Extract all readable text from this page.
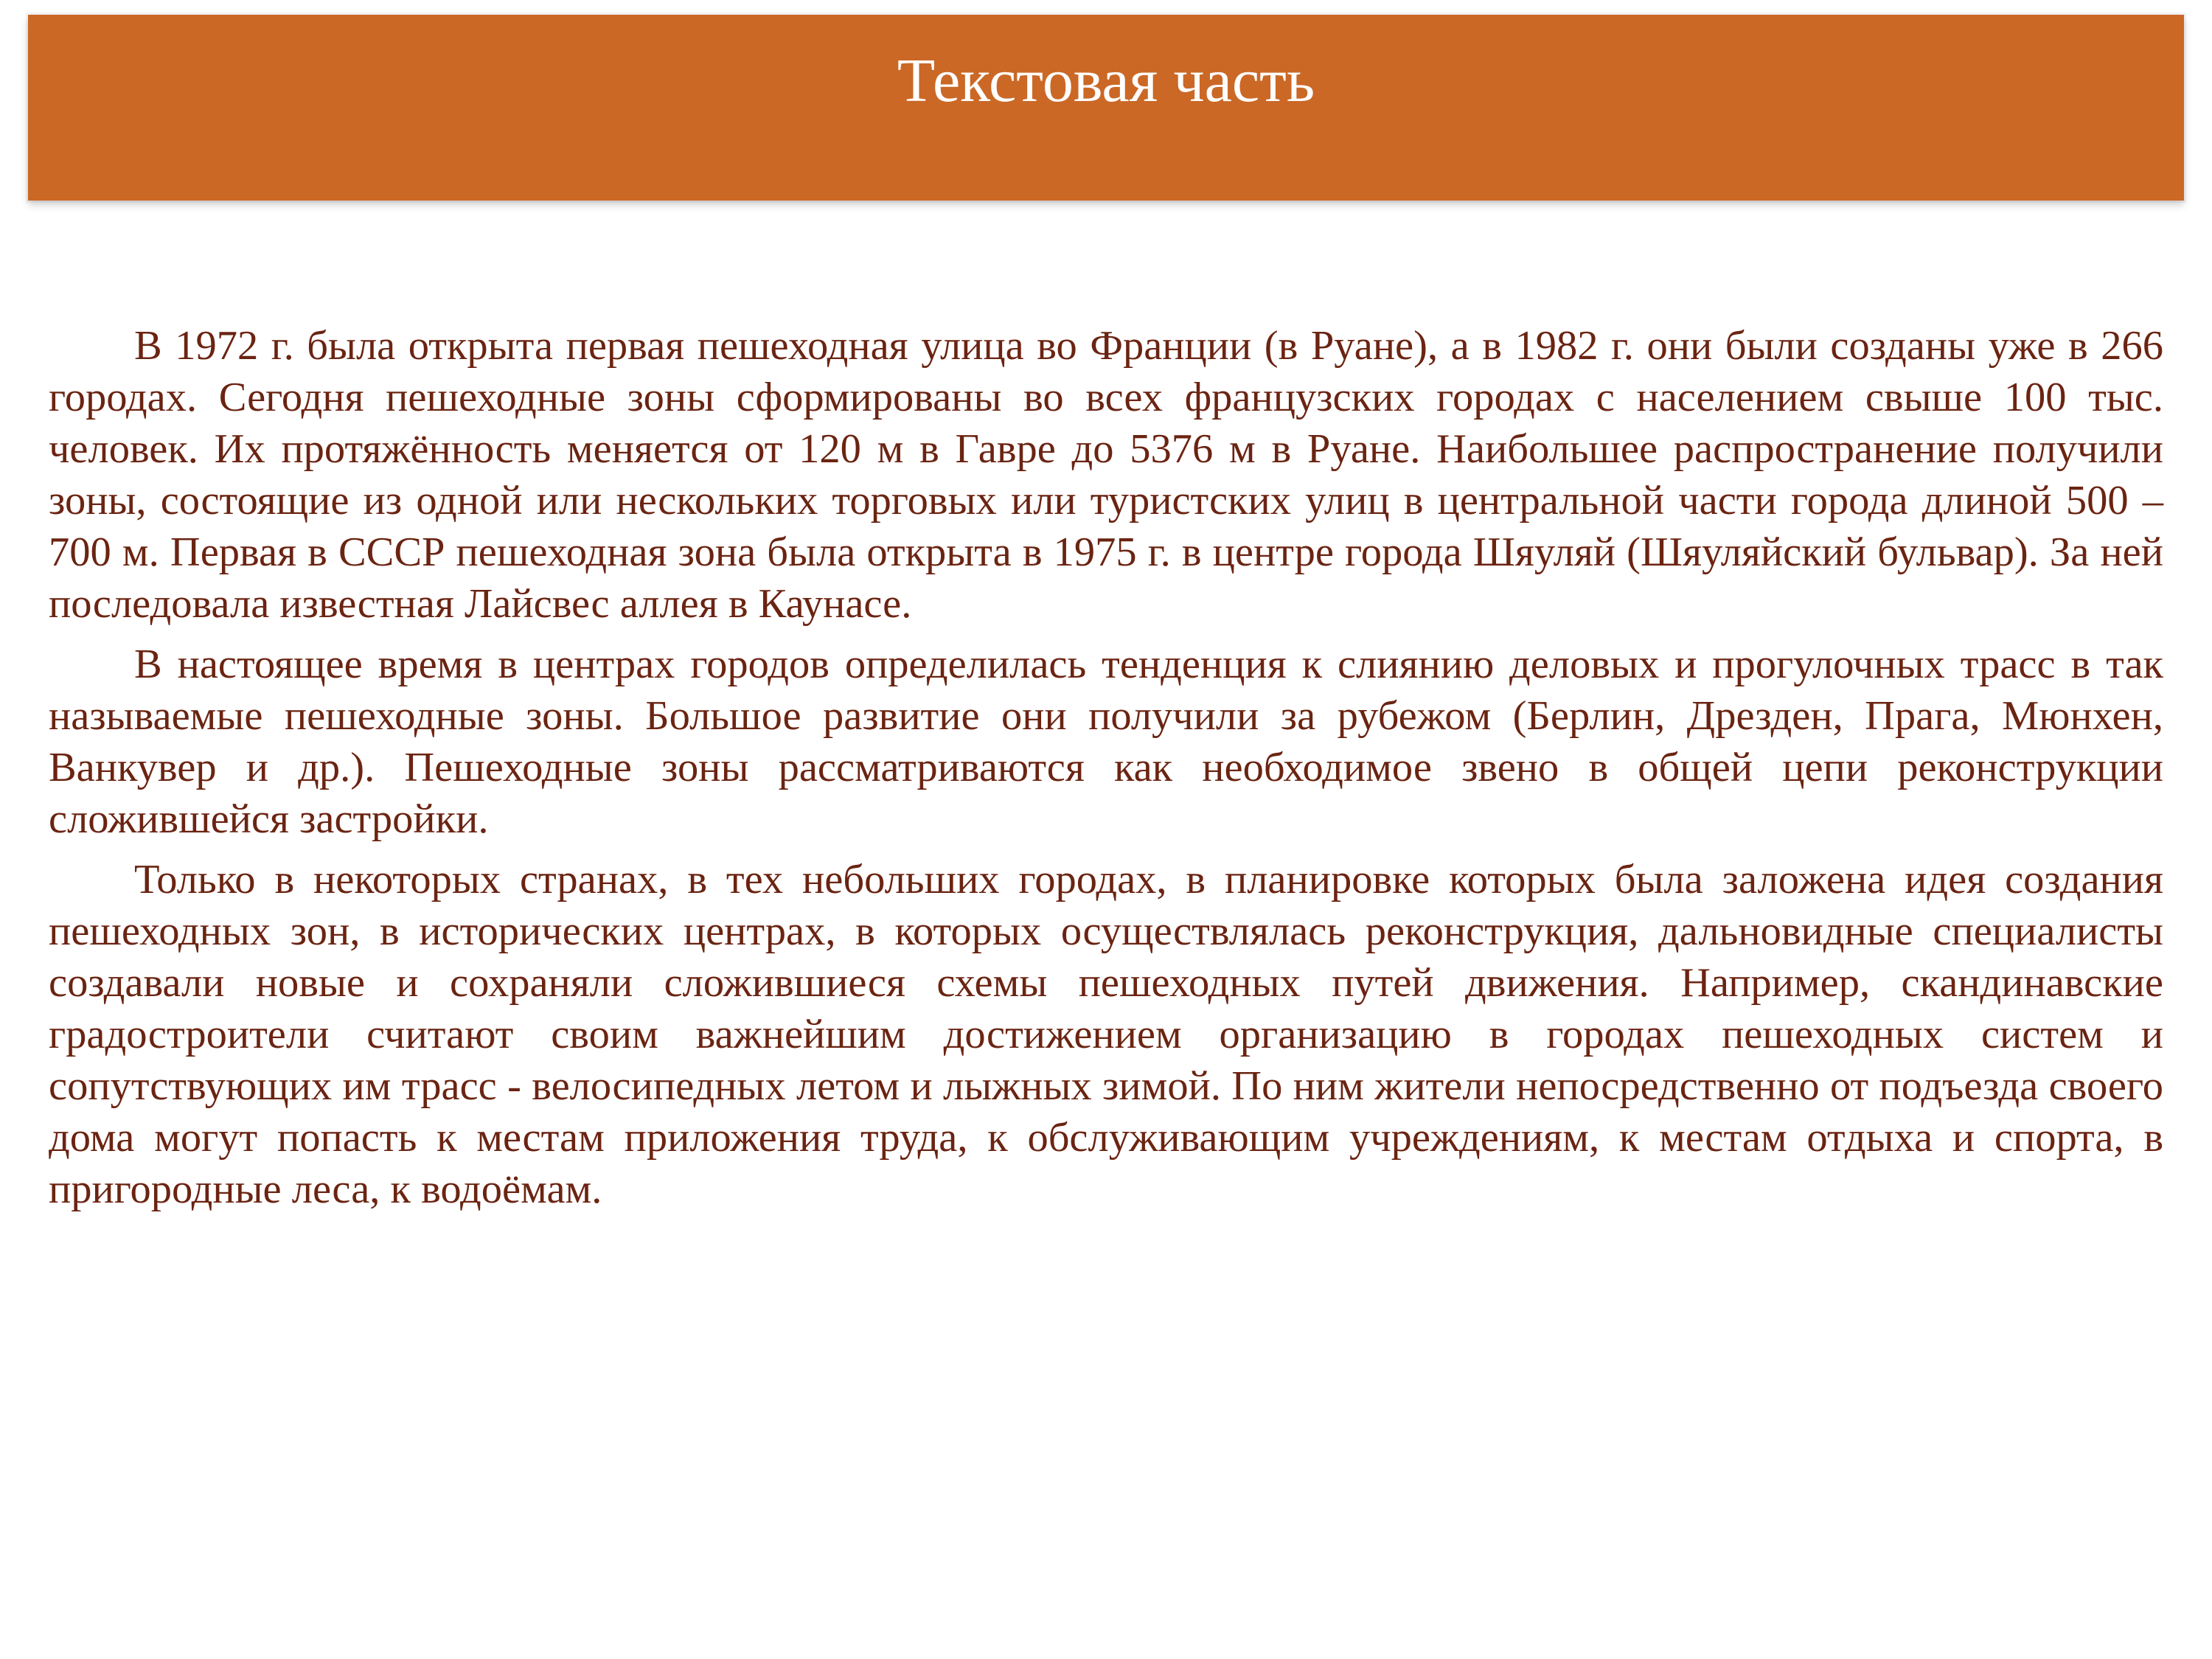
Текстовая часть

В 1972 г. была открыта первая пешеходная улица во Франции (в Руане), а в 1982 г. они были созданы уже в 266 городах. Сегодня пешеходные зоны сформированы во всех французских городах с населением свыше 100 тыс. человек. Их протяжённость меняется от 120 м в Гавре до 5376 м в Руане. Наибольшее распространение получили зоны, состоящие из одной или нескольких торговых или туристских улиц в центральной части города длиной 500 – 700 м. Первая в СССР пешеходная зона была открыта в 1975 г. в центре города Шяуляй (Шяуляйский бульвар). За ней последовала известная Лайсвес аллея в Каунасе.

В настоящее время в центрах городов определилась тенденция к слиянию деловых и прогулочных трасс в так называемые пешеходные зоны. Большое развитие они получили за рубежом (Берлин, Дрезден, Прага, Мюнхен, Ванкувер и др.). Пешеходные зоны рассматриваются как необходимое звено в общей цепи реконструкции сложившейся застройки.

Только в некоторых странах, в тех небольших городах, в планировке которых была заложена идея создания пешеходных зон, в исторических центрах, в которых осуществлялась реконструкция, дальновидные специалисты создавали новые и сохраняли сложившиеся схемы пешеходных путей движения. Например, скандинавские градостроители считают своим важнейшим достижением организацию в городах пешеходных систем и сопутствующих им трасс - велосипедных летом и лыжных зимой. По ним жители непосредственно от подъезда своего дома могут попасть к местам приложения труда, к обслуживающим учреждениям, к местам отдыха и спорта, в пригородные леса, к водоёмам.
